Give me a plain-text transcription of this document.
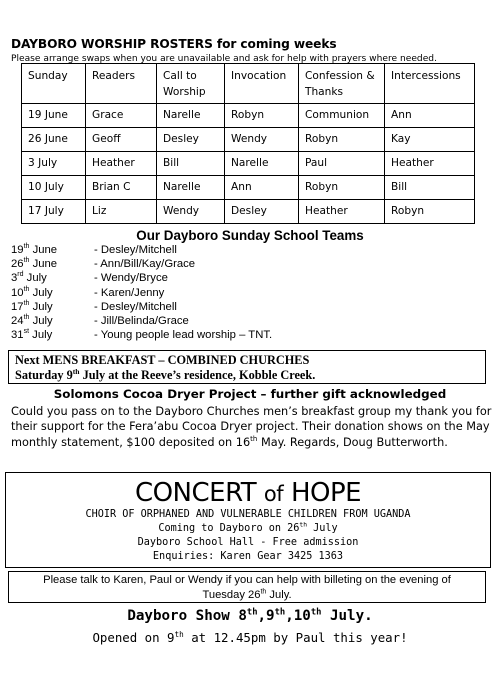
DAYBORO WORSHIP ROSTERS for coming weeks
Please arrange swaps when you are unavailable and ask for help with prayers where needed.
Sunday	Readers	Call to Worship	Invocation	Confession & Thanks	Intercessions
19 June	Grace	Narelle	Robyn	Communion	Ann
26 June	Geoff	Desley	Wendy	Robyn	Kay
3 July	Heather	Bill	Narelle	Paul	Heather
10 July	Brian C	Narelle	Ann	Robyn	Bill
17 July	Liz	Wendy	Desley	Heather	Robyn
Our Dayboro Sunday School Teams
19th June	- Desley/Mitchell
26th June	- Ann/Bill/Kay/Grace
3rd July	- Wendy/Bryce
10th July	- Karen/Jenny
17th July	- Desley/Mitchell
24th July	- Jill/Belinda/Grace
31st July	- Young people lead worship – TNT.
Next MENS BREAKFAST – COMBINED CHURCHES
Saturday 9th July at the Reeve’s residence, Kobble Creek.
Solomons Cocoa Dryer Project – further gift acknowledged
Could you pass on to the Dayboro Churches men’s breakfast group my thank you for their support for the Fera’abu Cocoa Dryer project. Their donation shows on the May monthly statement, $100 deposited on 16th May. Regards, Doug Butterworth.
CONCERT of HOPE
CHOIR OF ORPHANED AND VULNERABLE CHILDREN FROM UGANDA
Coming to Dayboro on 26th July
Dayboro School Hall - Free admission
Enquiries: Karen Gear 3425 1363
Please talk to Karen, Paul or Wendy if you can help with billeting on the evening of
Tuesday 26th July.
Dayboro Show 8th,9th,10th July.
Opened on 9th at 12.45pm by Paul this year!
